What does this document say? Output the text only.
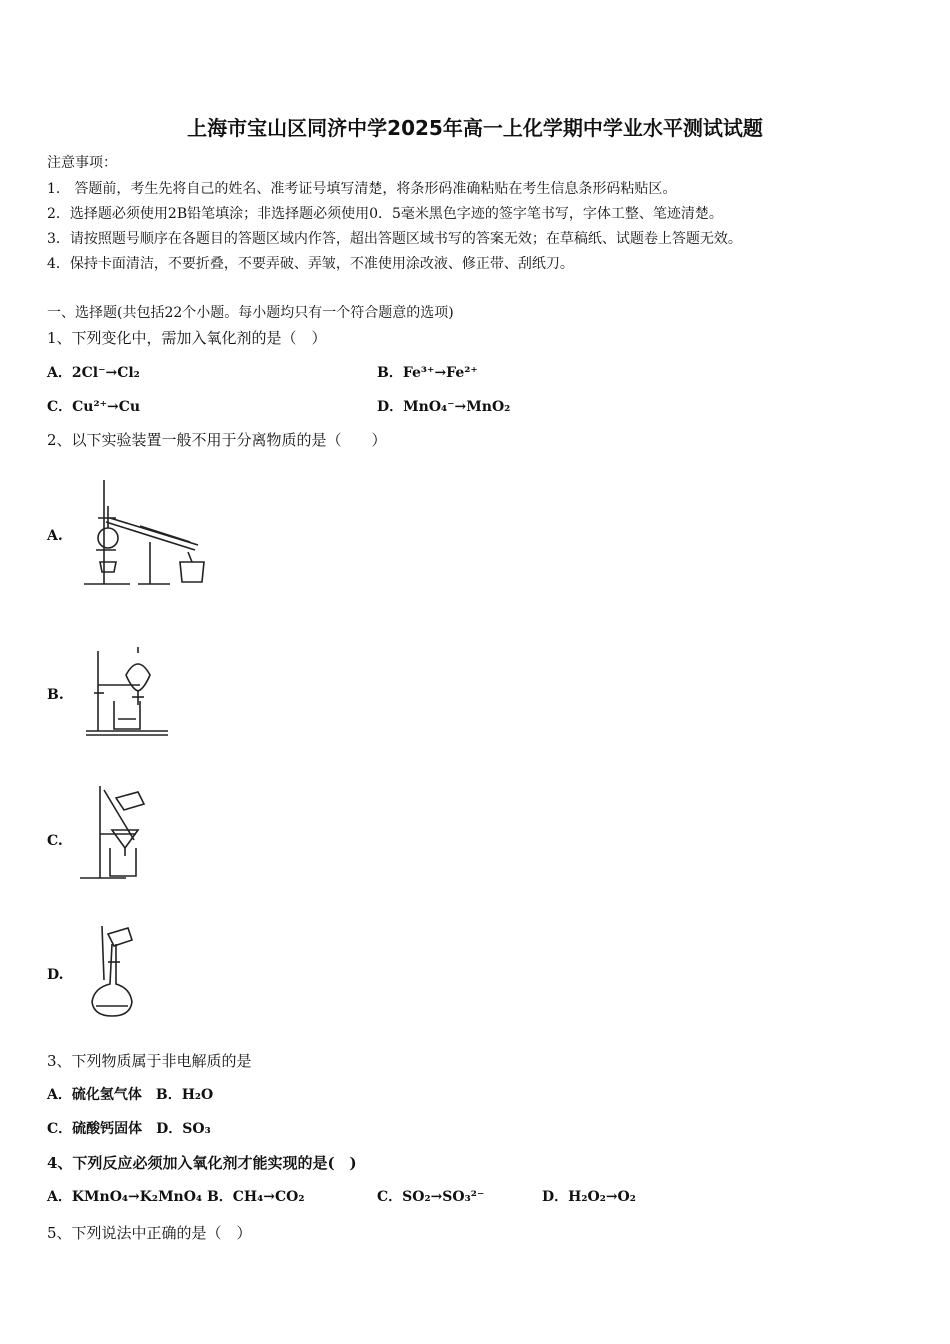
上海市宝山区同济中学2025年高一上化学期中学业水平测试试题
注意事项：
1.　答题前，考生先将自己的姓名、准考证号填写清楚，将条形码准确粘贴在考生信息条形码粘贴区。
2．选择题必须使用2B铅笔填涂；非选择题必须使用0．5毫米黑色字迹的签字笔书写，字体工整、笔迹清楚。
3．请按照题号顺序在各题目的答题区域内作答，超出答题区域书写的答案无效；在草稿纸、试题卷上答题无效。
4．保持卡面清洁，不要折叠，不要弄破、弄皱，不准使用涂改液、修正带、刮纸刀。
一、选择题(共包括22个小题。每小题均只有一个符合题意的选项)
1、下列变化中，需加入氧化剂的是（　）
A．2Cl⁻→Cl₂	B．Fe³⁺→Fe²⁺
C．Cu²⁺→Cu	D．MnO₄⁻→MnO₂
2、以下实验装置一般不用于分离物质的是（　　）
A.
B.
C.
D.
3、下列物质属于非电解质的是
A．硫化氢气体　B．H₂O
C．硫酸钙固体　D．SO₃
4、下列反应必须加入氧化剂才能实现的是(　)
A．KMnO₄→K₂MnO₄ B．CH₄→CO₂	C．SO₂→SO₃²⁻	D．H₂O₂→O₂
5、下列说法中正确的是（　）
